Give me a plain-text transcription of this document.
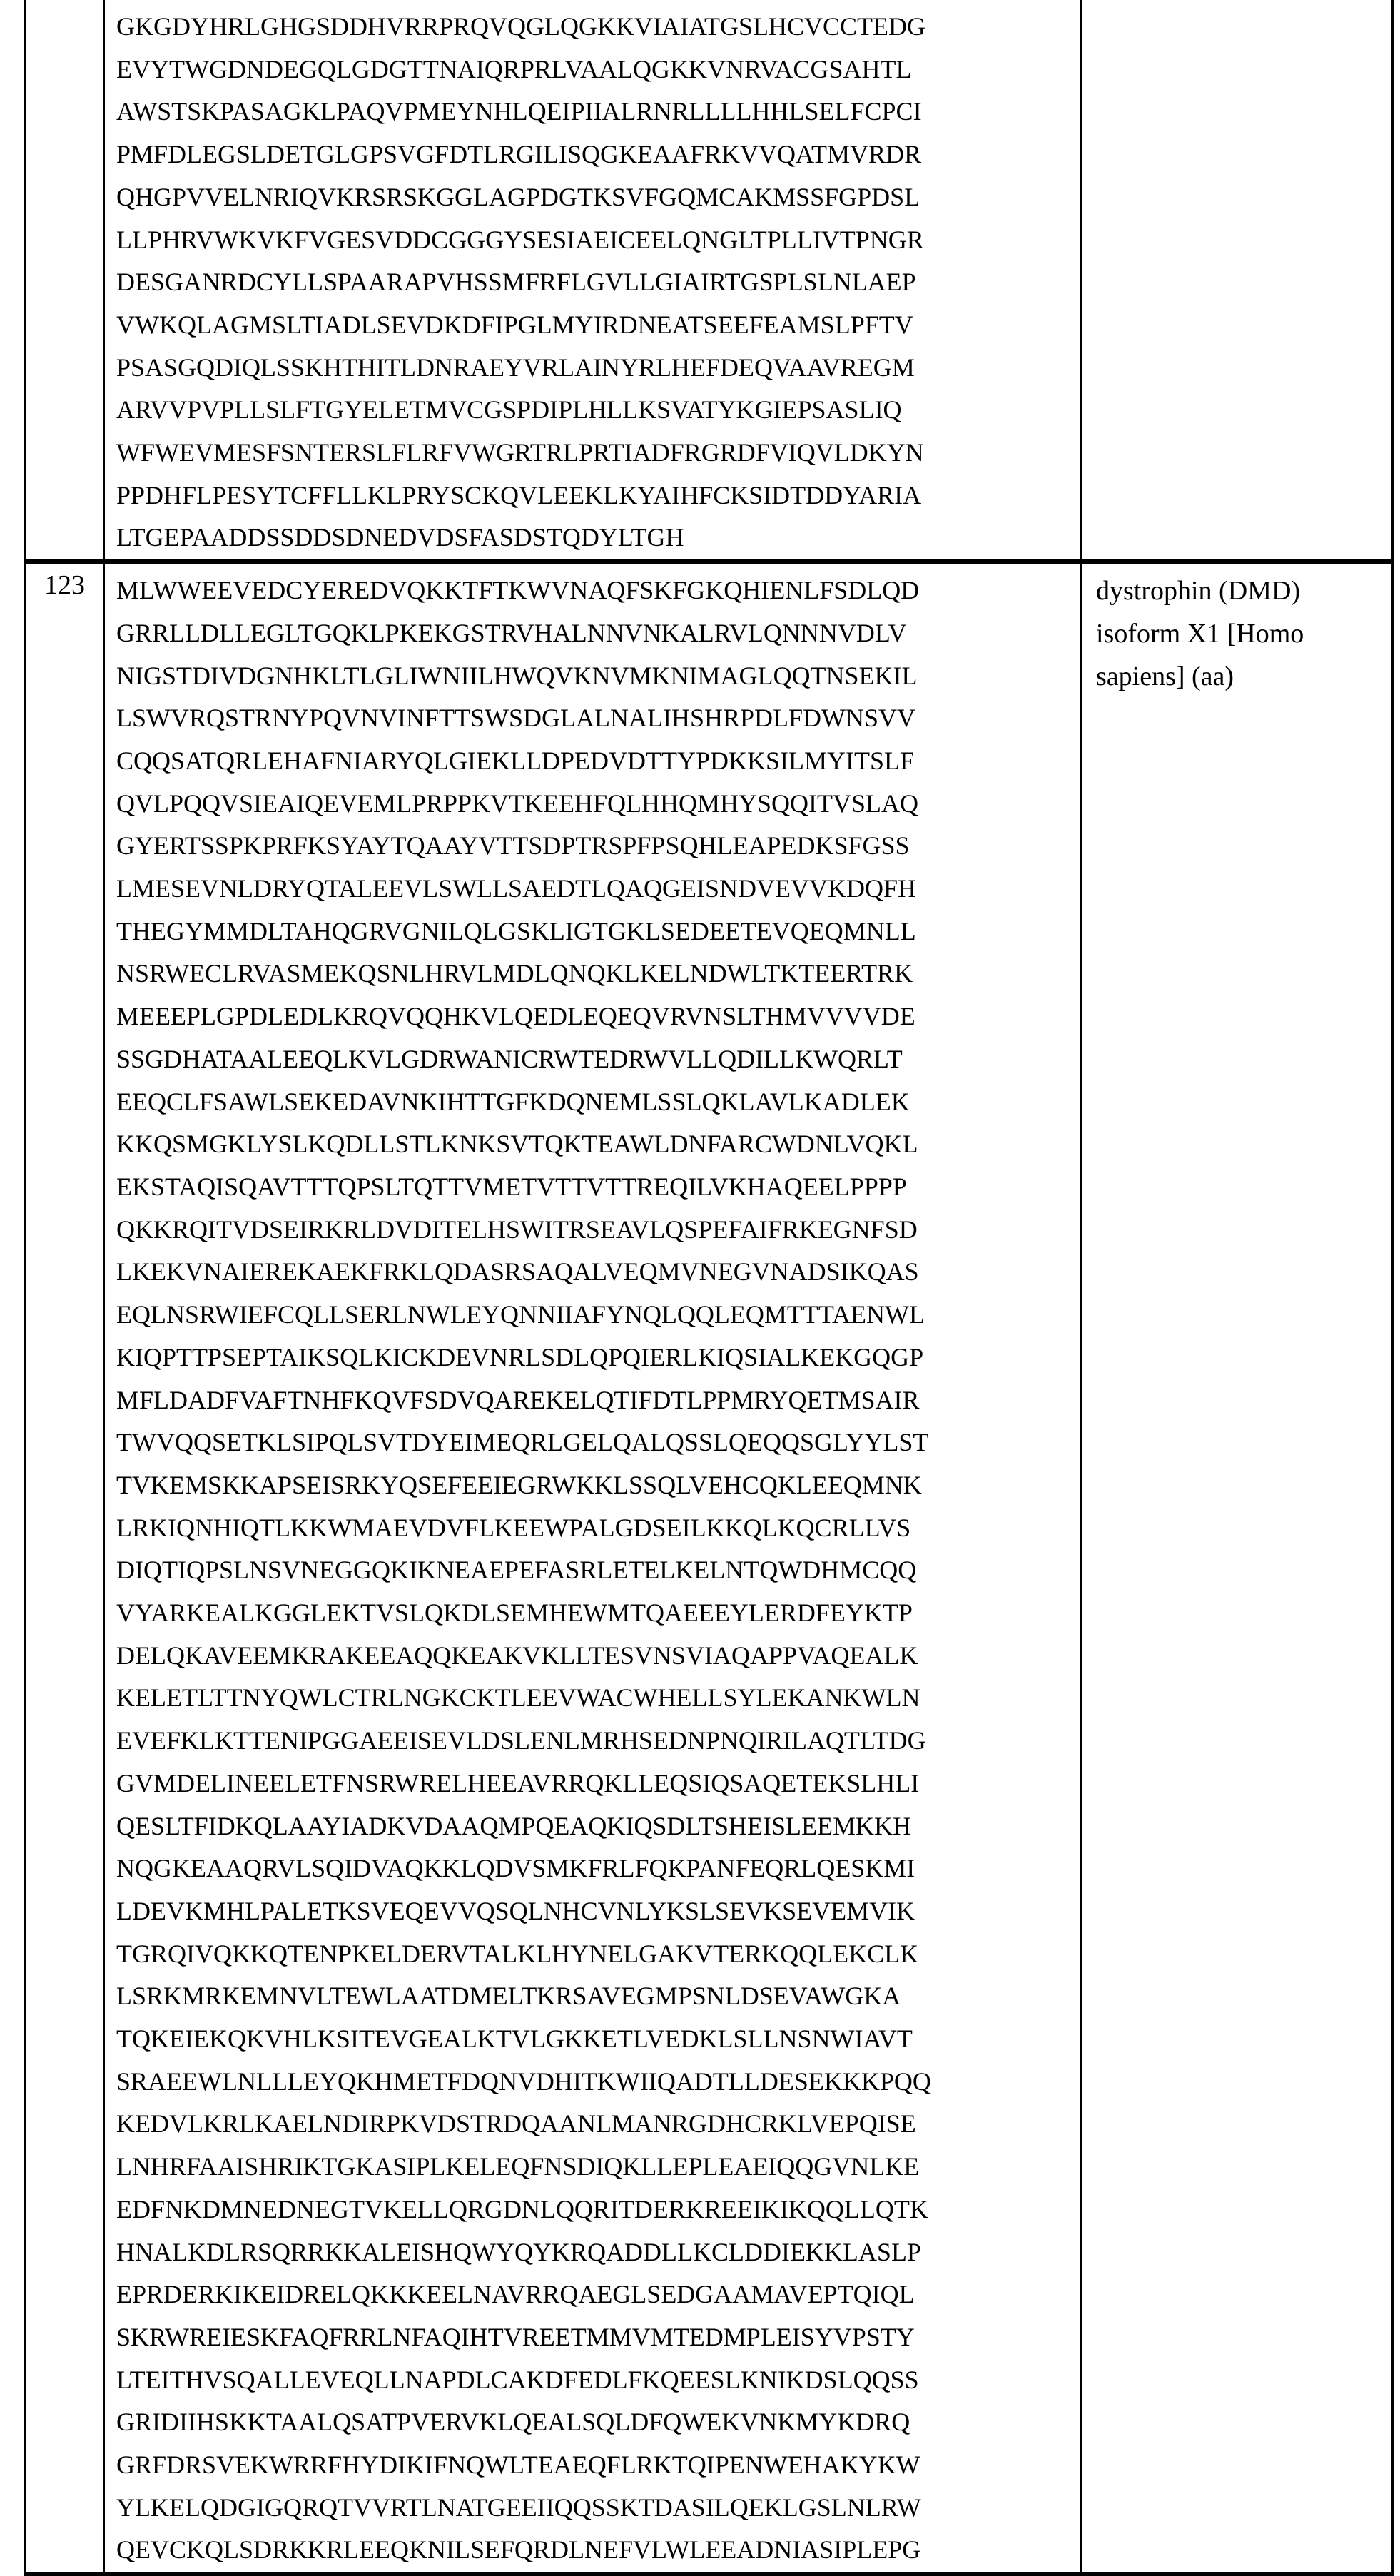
GKGDYHRLGHGSDDHVRRPRQVQGLQGKKVIAIATGSLHCVCCTEDG
EVYTWGDNDEGQLGDGTTNAIQRPRLVAALQGKKVNRVACGSAHTL
AWSTSKPASAGKLPAQVPMEYNHLQEIPIIALRNRLLLLHHLSELFCPCI
PMFDLEGSLDETGLGPSVGFDTLRGILISQGKEAAFRKVVQATMVRDR
QHGPVVELNRIQVKRSRSKGGLAGPDGTKSVFGQMCAKMSSFGPDSL
LLPHRVWKVKFVGESVDDCGGGYSESIAEICEELQNGLTPLLIVTPNGR
DESGANRDCYLLSPAARAPVHSSMFRFLGVLLGIAIRTGSPLSLNLAEP
VWKQLAGMSLTIADLSEVDKDFIPGLMYIRDNEATSEEFEAMSLPFTV
PSASGQDIQLSSKHTHITLDNRAEYVRLAINYRLHEFDEQVAAVREGM
ARVVPVPLLSLFTGYELETMVCGSPDIPLHLLKSVATYKGIEPSASLIQ
WFWEVMESFSNTERSLFLRFVWGRTRLPRTIADFRGRDFVIQVLDKYN
PPDHFLPESYTCFFLLKLPRYSCKQVLEEKLKYAIHFCKSIDTDDYARIA
LTGEPAADDSSDDSDNEDVDSFASDSTQDYLTGH
123	MLWWEEVEDCYEREDVQKKTFTKWVNAQFSKFGKQHIENLFSDLQD
GRRLLDLLEGLTGQKLPKEKGSTRVHALNNVNKALRVLQNNNVDLV
NIGSTDIVDGNHKLTLGLIWNIILHWQVKNVMKNIMAGLQQTNSEKIL
LSWVRQSTRNYPQVNVINFTTSWSDGLALNALIHSHRPDLFDWNSVV
CQQSATQRLEHAFNIARYQLGIEKLLDPEDVDTTYPDKKSILMYITSLF
QVLPQQVSIEAIQEVEMLPRPPKVTKEEHFQLHHQMHYSQQITVSLAQ
GYERTSSPKPRFKSYAYTQAAYVTTSDPTRSPFPSQHLEAPEDKSFGSS
LMESEVNLDRYQTALEEVLSWLLSAEDTLQAQGEISNDVEVVKDQFH
THEGYMMDLTAHQGRVGNILQLGSKLIGTGKLSEDEETEVQEQMNLL
NSRWECLRVASMEKQSNLHRVLMDLQNQKLKELNDWLTKTEERTRK
MEEEPLGPDLEDLKRQVQQHKVLQEDLEQEQVRVNSLTHMVVVVDE
SSGDHATAALEEQLKVLGDRWANICRWTEDRWVLLQDILLKWQRLT
EEQCLFSAWLSEKEDAVNKIHTTGFKDQNEMLSSLQKLAVLKADLEK
KKQSMGKLYSLKQDLLSTLKNKSVTQKTEAWLDNFARCWDNLVQKL
EKSTAQISQAVTTTQPSLTQTTVMETVTTVTTREQILVKHAQEELPPPP
QKKRQITVDSEIRKRLDVDITELHSWITRSEAVLQSPEFAIFRKEGNFSD
LKEKVNAIEREKAEKFRKLQDASRSAQALVEQMVNEGVNADSIKQAS
EQLNSRWIEFCQLLSERLNWLEYQNNIIAFYNQLQQLEQMTTTAENWL
KIQPTTPSEPTAIKSQLKICKDEVNRLSDLQPQIERLKIQSIALKEKGQGP
MFLDADFVAFTNHFKQVFSDVQAREKELQTIFDTLPPMRYQETMSAIR
TWVQQSETKLSIPQLSVTDYEIMEQRLGELQALQSSLQEQQSGLYYLST
TVKEMSKKAPSEISRKYQSEFEEIEGRWKKLSSQLVEHCQKLEEQMNK
LRKIQNHIQTLKKWMAEVDVFLKEEWPALGDSEILKKQLKQCRLLVS
DIQTIQPSLNSVNEGGQKIKNEAEPEFASRLETELKELNTQWDHMCQQ
VYARKEALKGGLEKTVSLQKDLSEMHEWMTQAEEEYLERDFEYKTP
DELQKAVEEMKRAKEEAQQKEAKVKLLTESVNSVIAQAPPVAQEALK
KELETLTTNYQWLCTRLNGKCKTLEEVWACWHELLSYLEKANKWLN
EVEFKLKTTENIPGGAEEISEVLDSLENLMRHSEDNPNQIRILAQTLTDG
GVMDELINEELETFNSRWRELHEEAVRRQKLLEQSIQSAQETEKSLHLI
QESLTFIDKQLAAYIADKVDAAQMPQEAQKIQSDLTSHEISLEEMKKH
NQGKEAAQRVLSQIDVAQKKLQDVSMKFRLFQKPANFEQRLQESKMI
LDEVKMHLPALETKSVEQEVVQSQLNHCVNLYKSLSEVKSEVEMVIK
TGRQIVQKKQTENPKELDERVTALKLHYNELGAKVTERKQQLEKCLK
LSRKMRKEMNVLTEWLAATDMELTKRSAVEGMPSNLDSEVAWGKA
TQKEIEKQKVHLKSITEVGEALKTVLGKKETLVEDKLSLLNSNWIAVT
SRAEEWLNLLLEYQKHMETFDQNVDHITKWIIQADTLLDESEKKKPQQ
KEDVLKRLKAELNDIRPKVDSTRDQAANLMANRGDHCRKLVEPQISE
LNHRFAAISHRIKTGKASIPLKELEQFNSDIQKLLEPLEAEIQQGVNLKE
EDFNKDMNEDNEGTVKELLQRGDNLQQRITDERKREEIKIKQQLLQTK
HNALKDLRSQRRKKALEISHQWYQYKRQADDLLKCLDDIEKKLASLP
EPRDERKIKEIDRELQKKKEELNAVRRQAEGLSEDGAAMAVEPTQIQL
SKRWREIESKFAQFRRLNFAQIHTVREETMMVMTEDMPLEISYVPSTY
LTEITHVSQALLEVEQLLNAPDLCAKDFEDLFKQEESLKNIKDSLQQSS
GRIDIIHSKKTAALQSATPVERVKLQEALSQLDFQWEKVNKMYKDRQ
GRFDRSVEKWRRFHYDIKIFNQWLTEAEQFLRKTQIPENWEHAKYKW
YLKELQDGIGQRQTVVRTLNATGEEIIQQSSKTDASILQEKLGSLNLRW
QEVCKQLSDRKKRLEEQKNILSEFQRDLNEFVLWLEEADNIASIPLEPG
dystrophin (DMD)
isoform X1 [Homo
sapiens] (aa)
